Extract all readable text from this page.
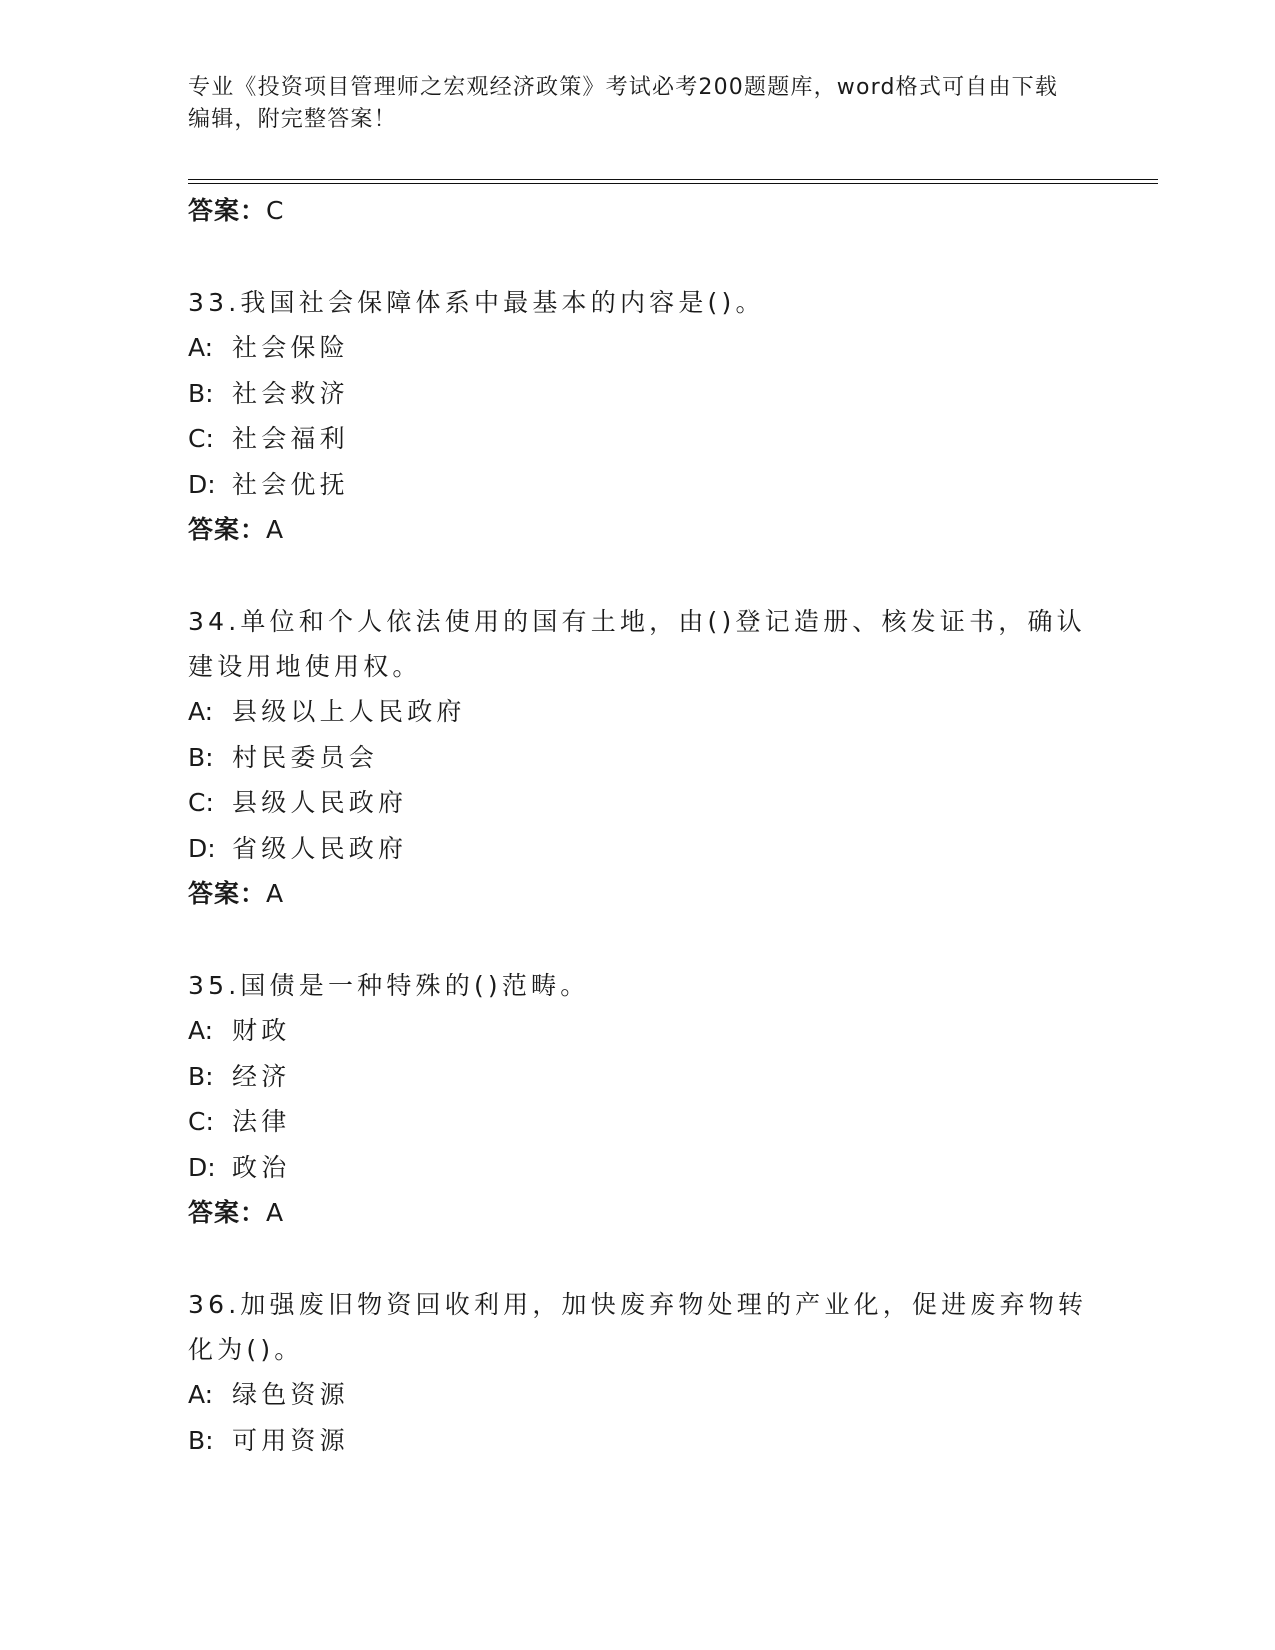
专业《投资项目管理师之宏观经济政策》考试必考200题题库，word格式可自由下载编辑，附完整答案！

答案：C

33.我国社会保障体系中最基本的内容是()。

A: 社会保险

B: 社会救济

C: 社会福利

D: 社会优抚

答案：A

34.单位和个人依法使用的国有土地，由()登记造册、核发证书，确认建设用地使用权。

A: 县级以上人民政府

B: 村民委员会

C: 县级人民政府

D: 省级人民政府

答案：A

35.国债是一种特殊的()范畴。

A: 财政

B: 经济

C: 法律

D: 政治

答案：A

36.加强废旧物资回收利用，加快废弃物处理的产业化，促进废弃物转化为()。

A: 绿色资源

B: 可用资源
